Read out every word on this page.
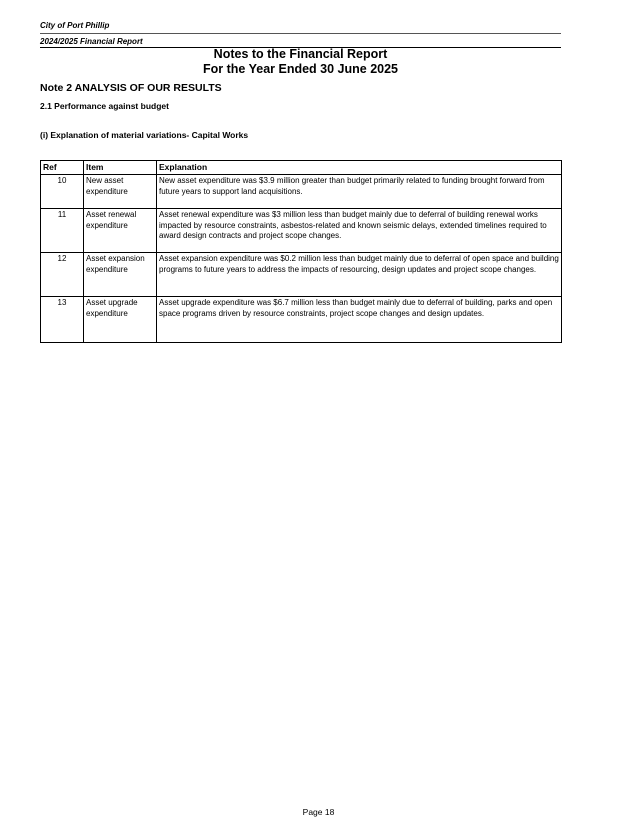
City of Port Phillip
2024/2025 Financial Report
Notes to the Financial Report
For the Year Ended 30 June 2025
Note 2 ANALYSIS OF OUR RESULTS
2.1 Performance against budget
(i) Explanation of material variations- Capital Works
Ref	Item	Explanation
10	New asset expenditure	New asset expenditure was $3.9 million greater than budget primarily related to funding brought forward from future years to support land acquisitions.
11	Asset renewal expenditure	Asset renewal expenditure was $3 million less than budget mainly due to deferral of building renewal works impacted by resource constraints, asbestos-related and known seismic delays, extended timelines required to award design contracts and project scope changes.
12	Asset expansion expenditure	Asset expansion expenditure was $0.2 million less than budget mainly due to deferral of open space and building programs to future years to address the impacts of resourcing, design updates and project scope changes.
13	Asset upgrade expenditure	Asset upgrade expenditure was $6.7 million less than budget mainly due to deferral of building, parks and open space programs driven by resource constraints, project scope changes and design updates.
Page 18
